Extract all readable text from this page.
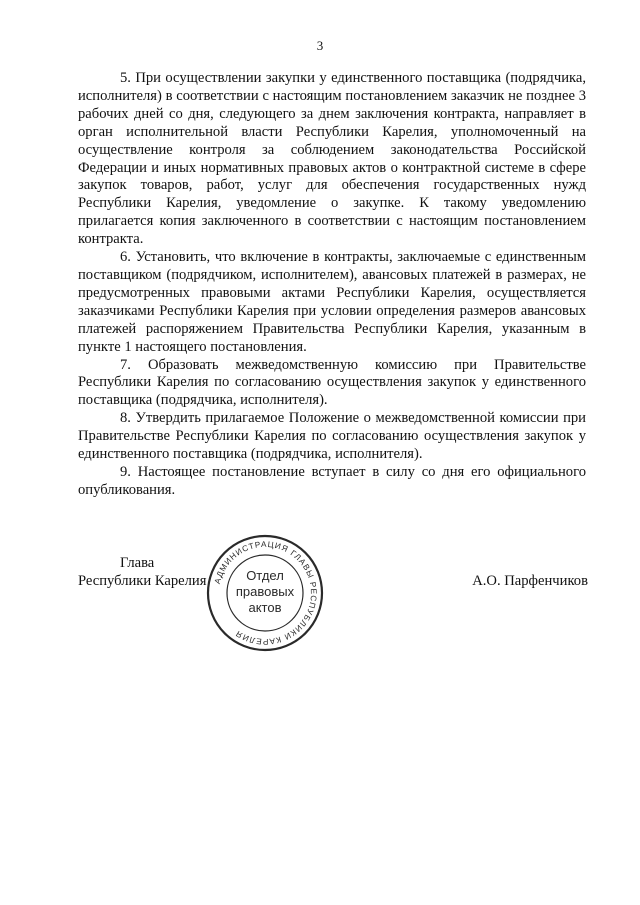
3

5. При осуществлении закупки у единственного поставщика (подрядчика, исполнителя) в соответствии с настоящим постановлением заказчик не позднее 3 рабочих дней со дня, следующего за днем заключения контракта, направляет в орган исполнительной власти Республики Карелия, уполномоченный на осуществление контроля за соблюдением законодательства Российской Федерации и иных нормативных правовых актов о контрактной системе в сфере закупок товаров, работ, услуг для обеспечения государственных нужд Республики Карелия, уведомление о закупке. К такому уведомлению прилагается копия заключенного в соответствии с настоящим постановлением контракта.

6. Установить, что включение в контракты, заключаемые с единственным поставщиком (подрядчиком, исполнителем), авансовых платежей в размерах, не предусмотренных правовыми актами Республики Карелия, осуществляется заказчиками Республики Карелия при условии определения размеров авансовых платежей распоряжением Правительства Республики Карелия, указанным в пункте 1 настоящего постановления.

7. Образовать межведомственную комиссию при Правительстве Республики Карелия по согласованию осуществления закупок у единственного поставщика (подрядчика, исполнителя).

8. Утвердить прилагаемое Положение о межведомственной комиссии при Правительстве Республики Карелия по согласованию осуществления закупок у единственного поставщика (подрядчика, исполнителя).

9. Настоящее постановление вступает в силу со дня его официального опубликования.

Глава
Республики Карелия	А.О. Парфенчиков
АДМИНИСТРАЦИЯ ГЛАВЫ РЕСПУБЛИКИ КАРЕЛИЯ
Отдел
правовых
актов
